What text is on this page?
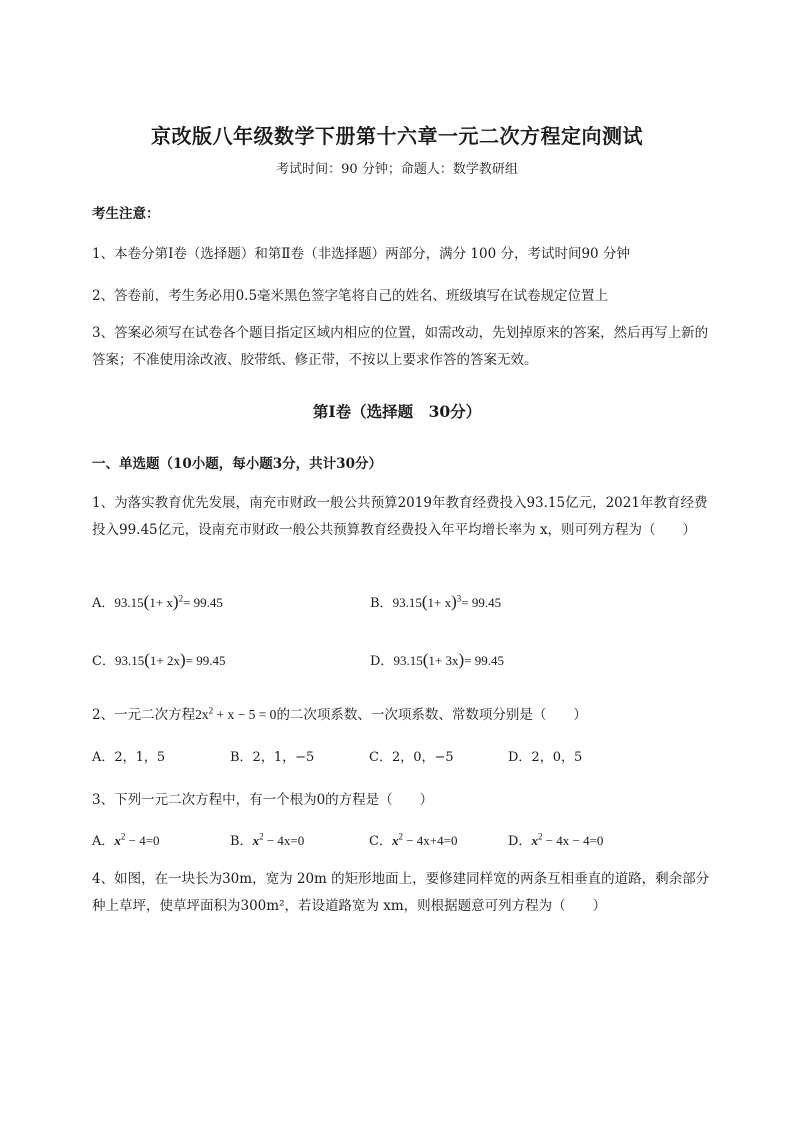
京改版八年级数学下册第十六章一元二次方程定向测试
考试时间：90 分钟；命题人：数学教研组
考生注意：
1、本卷分第Ⅰ卷（选择题）和第Ⅱ卷（非选择题）两部分，满分 100 分，考试时间90 分钟
2、答卷前，考生务必用0.5毫米黑色签字笔将自己的姓名、班级填写在试卷规定位置上
3、答案必须写在试卷各个题目指定区域内相应的位置，如需改动，先划掉原来的答案，然后再写上新的答案；不准使用涂改液、胶带纸、修正带，不按以上要求作答的答案无效。
第Ⅰ卷（选择题　30分）
一、单选题（10小题，每小题3分，共计30分）
1、为落实教育优先发展，南充市财政一般公共预算2019年教育经费投入93.15亿元，2021年教育经费投入99.45亿元，设南充市财政一般公共预算教育经费投入年平均增长率为 x，则可列方程为（　　）
A．$93.15(1+ x)^2= 99.45$	B．$93.15(1+ x)^3= 99.45$
C．93.15(1+ 2x)= 99.45	D．93.15(1+ 3x)= 99.45
2、一元二次方程$2x^2 + x - 5 = 0$的二次项系数、一次项系数、常数项分别是（　　）
A．2，1，5	B．2，1，−5	C．2，0，−5	D．2，0，5
3、下列一元二次方程中，有一个根为0的方程是（　　）
A．$x^2 - 4=0$	B．$x^2 - 4x=0$	C．$x^2 - 4x+4=0$	D．$x^2 - 4x - 4=0$
4、如图，在一块长为30m，宽为 20m 的矩形地面上，要修建同样宽的两条互相垂直的道路，剩余部分种上草坪，使草坪面积为300m²，若设道路宽为 xm，则根据题意可列方程为（　　）
